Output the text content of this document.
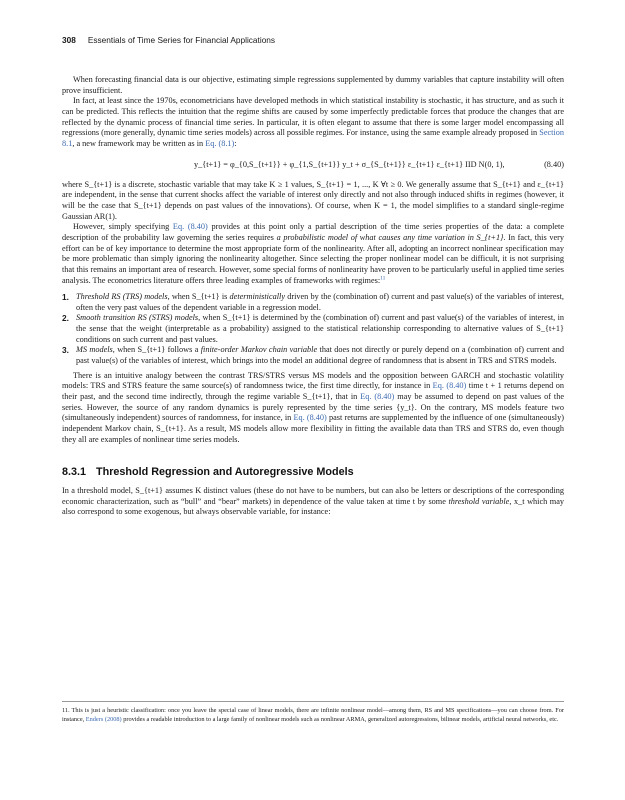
308 Essentials of Time Series for Financial Applications

When forecasting financial data is our objective, estimating simple regressions supplemented by dummy variables that capture instability will often prove insufficient.

In fact, at least since the 1970s, econometricians have developed methods in which statistical instability is stochastic, it has structure, and as such it can be predicted. This reflects the intuition that the regime shifts are caused by some imperfectly predictable forces that produce the changes that are reflected by the dynamic process of financial time series. In particular, it is often elegant to assume that there is some larger model encompassing all regressions (more generally, dynamic time series models) across all possible regimes. For instance, using the same example already proposed in Section 8.1, a new framework may be written as in Eq. (8.1):

y_{t+1} = φ_{0,S_{t+1}} + φ_{1,S_{t+1}} y_t + σ_{S_{t+1}} ε_{t+1} ε_{t+1} IID N(0, 1),	(8.40)

where S_{t+1} is a discrete, stochastic variable that may take K ≥ 1 values, S_{t+1} = 1, ..., K ∀t ≥ 0. We generally assume that S_{t+1} and ε_{t+1} are independent, in the sense that current shocks affect the variable of interest only directly and not also through induced shifts in regimes (however, it will be the case that S_{t+1} depends on past values of the innovations). Of course, when K = 1, the model simplifies to a standard single-regime Gaussian AR(1).

However, simply specifying Eq. (8.40) provides at this point only a partial description of the time series properties of the data: a complete description of the probability law governing the series requires a probabilistic model of what causes any time variation in S_{t+1}. In fact, this very effort can be of key importance to determine the most appropriate form of the nonlinearity. After all, adopting an incorrect nonlinear specification may be more problematic than simply ignoring the nonlinearity altogether. Since selecting the proper nonlinear model can be difficult, it is not surprising that this remains an important area of research. However, some special forms of nonlinearity have proven to be particularly useful in applied time series analysis. The econometrics literature offers three leading examples of frameworks with regimes:$^{11}$

1. Threshold RS (TRS) models, when S_{t+1} is deterministically driven by the (combination of) current and past value(s) of the variables of interest, often the very past values of the dependent variable in a regression model.
2. Smooth transition RS (STRS) models, when S_{t+1} is determined by the (combination of) current and past value(s) of the variables of interest, in the sense that the weight (interpretable as a probability) assigned to the statistical relationship corresponding to alternative values of S_{t+1} conditions on such current and past values.
3. MS models, when S_{t+1} follows a finite-order Markov chain variable that does not directly or purely depend on a (combination of) current and past value(s) of the variables of interest, which brings into the model an additional degree of randomness that is absent in TRS and STRS models.

There is an intuitive analogy between the contrast TRS/STRS versus MS models and the opposition between GARCH and stochastic volatility models: TRS and STRS feature the same source(s) of randomness twice, the first time directly, for instance in Eq. (8.40) time t + 1 returns depend on their past, and the second time indirectly, through the regime variable S_{t+1}, that in Eq. (8.40) may be assumed to depend on past values of the series. However, the source of any random dynamics is purely represented by the time series {y_t}. On the contrary, MS models feature two (simultaneously independent) sources of randomness, for instance, in Eq. (8.40) past returns are supplemented by the influence of one (simultaneously) independent Markov chain, S_{t+1}. As a result, MS models allow more flexibility in fitting the available data than TRS and STRS do, even though they all are examples of nonlinear time series models.

8.3.1 Threshold Regression and Autoregressive Models

In a threshold model, S_{t+1} assumes K distinct values (these do not have to be numbers, but can also be letters or descriptions of the corresponding economic characterization, such as “bull” and “bear” markets) in dependence of the value taken at time t by some threshold variable, x_t which may also correspond to some exogenous, but always observable variable, for instance:

11. This is just a heuristic classification: once you leave the special case of linear models, there are infinite nonlinear model—among them, RS and MS specifications—you can choose from. For instance, Enders (2008) provides a readable introduction to a large family of nonlinear models such as nonlinear ARMA, generalized autoregressions, bilinear models, artificial neural networks, etc.
